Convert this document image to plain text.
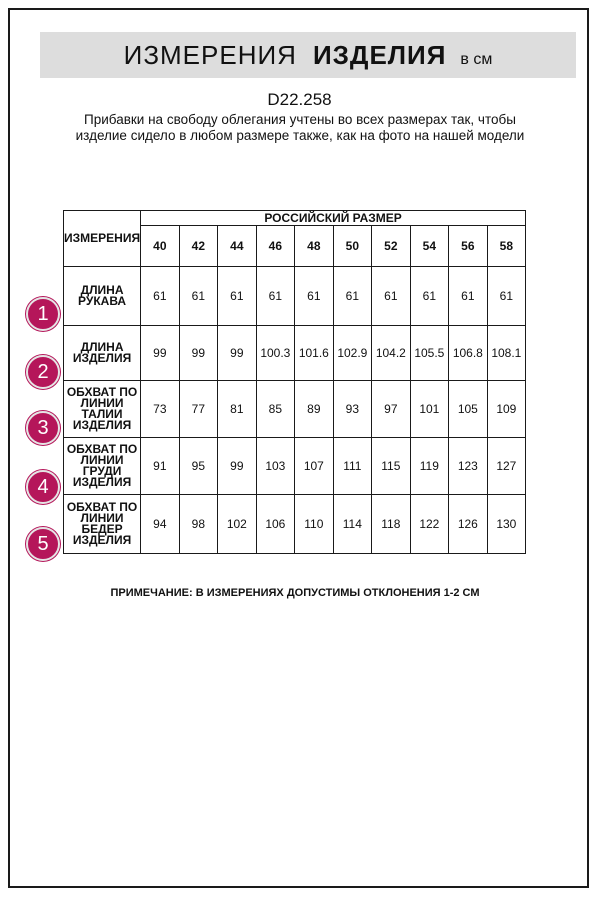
ИЗМЕРЕНИЯ ИЗДЕЛИЯ в см
D22.258
Прибавки на свободу облегания учтены во всех размерах так, чтобы изделие сидело в любом размере также, как на фото на нашей модели
ИЗМЕРЕНИЯ	РОССИЙСКИЙ РАЗМЕР									
	40	42	44	46	48	50	52	54	56	58
ДЛИНА РУКАВА	61	61	61	61	61	61	61	61	61	61
ДЛИНА ИЗДЕЛИЯ	99	99	99	100.3	101.6	102.9	104.2	105.5	106.8	108.1
ОБХВАТ ПО ЛИНИИ ТАЛИИ ИЗДЕЛИЯ	73	77	81	85	89	93	97	101	105	109
ОБХВАТ ПО ЛИНИИ ГРУДИ ИЗДЕЛИЯ	91	95	99	103	107	111	115	119	123	127
ОБХВАТ ПО ЛИНИИ БЕДЕР ИЗДЕЛИЯ	94	98	102	106	110	114	118	122	126	130
1
2
3
4
5
ПРИМЕЧАНИЕ: В ИЗМЕРЕНИЯХ ДОПУСТИМЫ ОТКЛОНЕНИЯ 1-2 СМ
